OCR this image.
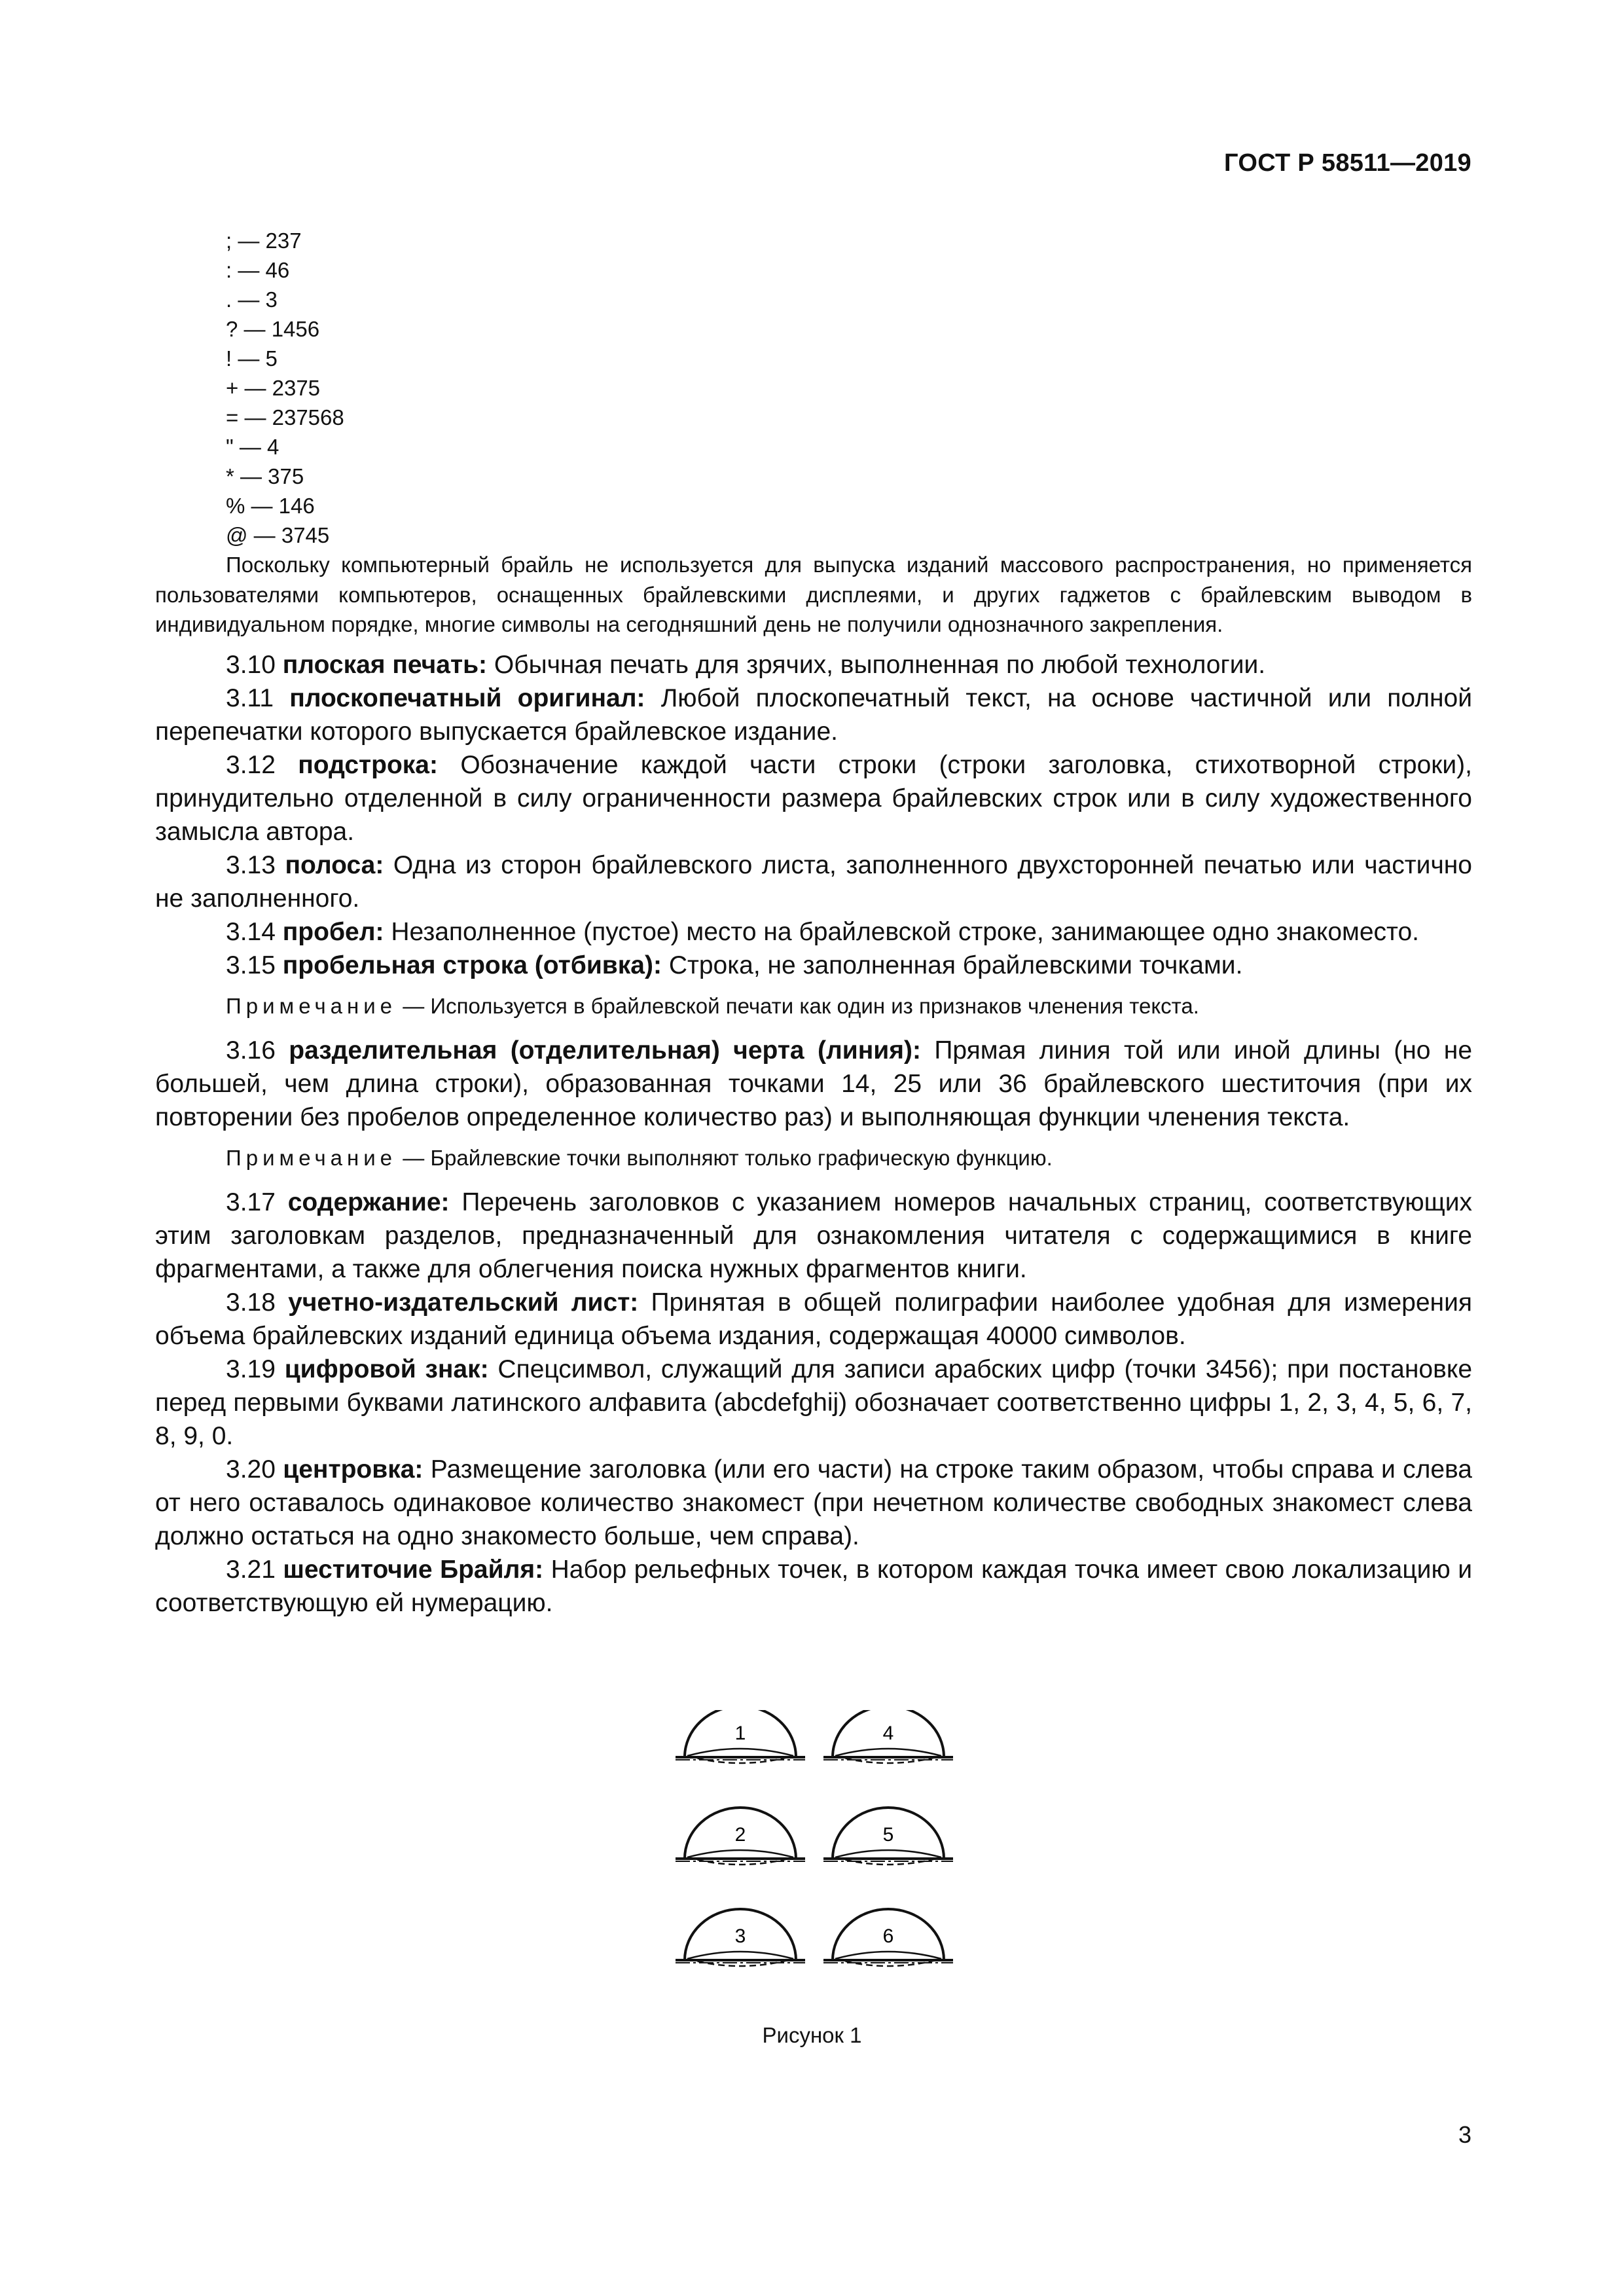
ГОСТ Р 58511—2019
; — 237
: — 46
. — 3
? — 1456
! — 5
+ — 2375
= — 237568
" — 4
* — 375
% — 146
@ — 3745

Поскольку компьютерный брайль не используется для выпуска изданий массового распространения, но применяется пользователями компьютеров, оснащенных брайлевскими дисплеями, и других гаджетов с брайлевским выводом в индивидуальном порядке, многие символы на сегодняшний день не получили однозначного закрепления.

3.10 плоская печать: Обычная печать для зрячих, выполненная по любой технологии.

3.11 плоскопечатный оригинал: Любой плоскопечатный текст, на основе частичной или полной перепечатки которого выпускается брайлевское издание.

3.12 подстрока: Обозначение каждой части строки (строки заголовка, стихотворной строки), принудительно отделенной в силу ограниченности размера брайлевских строк или в силу художественного замысла автора.

3.13 полоса: Одна из сторон брайлевского листа, заполненного двухсторонней печатью или частично не заполненного.

3.14 пробел: Незаполненное (пустое) место на брайлевской строке, занимающее одно знакоместо.

3.15 пробельная строка (отбивка): Строка, не заполненная брайлевскими точками.

Примечание — Используется в брайлевской печати как один из признаков членения текста.

3.16 разделительная (отделительная) черта (линия): Прямая линия той или иной длины (но не большей, чем длина строки), образованная точками 14, 25 или 36 брайлевского шеститочия (при их повторении без пробелов определенное количество раз) и выполняющая функции членения текста.

Примечание — Брайлевские точки выполняют только графическую функцию.

3.17 содержание: Перечень заголовков с указанием номеров начальных страниц, соответствующих этим заголовкам разделов, предназначенный для ознакомления читателя с содержащимися в книге фрагментами, а также для облегчения поиска нужных фрагментов книги.

3.18 учетно-издательский лист: Принятая в общей полиграфии наиболее удобная для измерения объема брайлевских изданий единица объема издания, содержащая 40000 символов.

3.19 цифровой знак: Спецсимвол, служащий для записи арабских цифр (точки 3456); при постановке перед первыми буквами латинского алфавита (abcdefghij) обозначает соответственно цифры 1, 2, 3, 4, 5, 6, 7, 8, 9, 0.

3.20 центровка: Размещение заголовка (или его части) на строке таким образом, чтобы справа и слева от него оставалось одинаковое количество знакомест (при нечетном количестве свободных знакомест слева должно остаться на одно знакоместо больше, чем справа).

3.21 шеститочие Брайля: Набор рельефных точек, в котором каждая точка имеет свою локализацию и соответствующую ей нумерацию.

1	4
2	5
3	6
Рисунок 1
3
